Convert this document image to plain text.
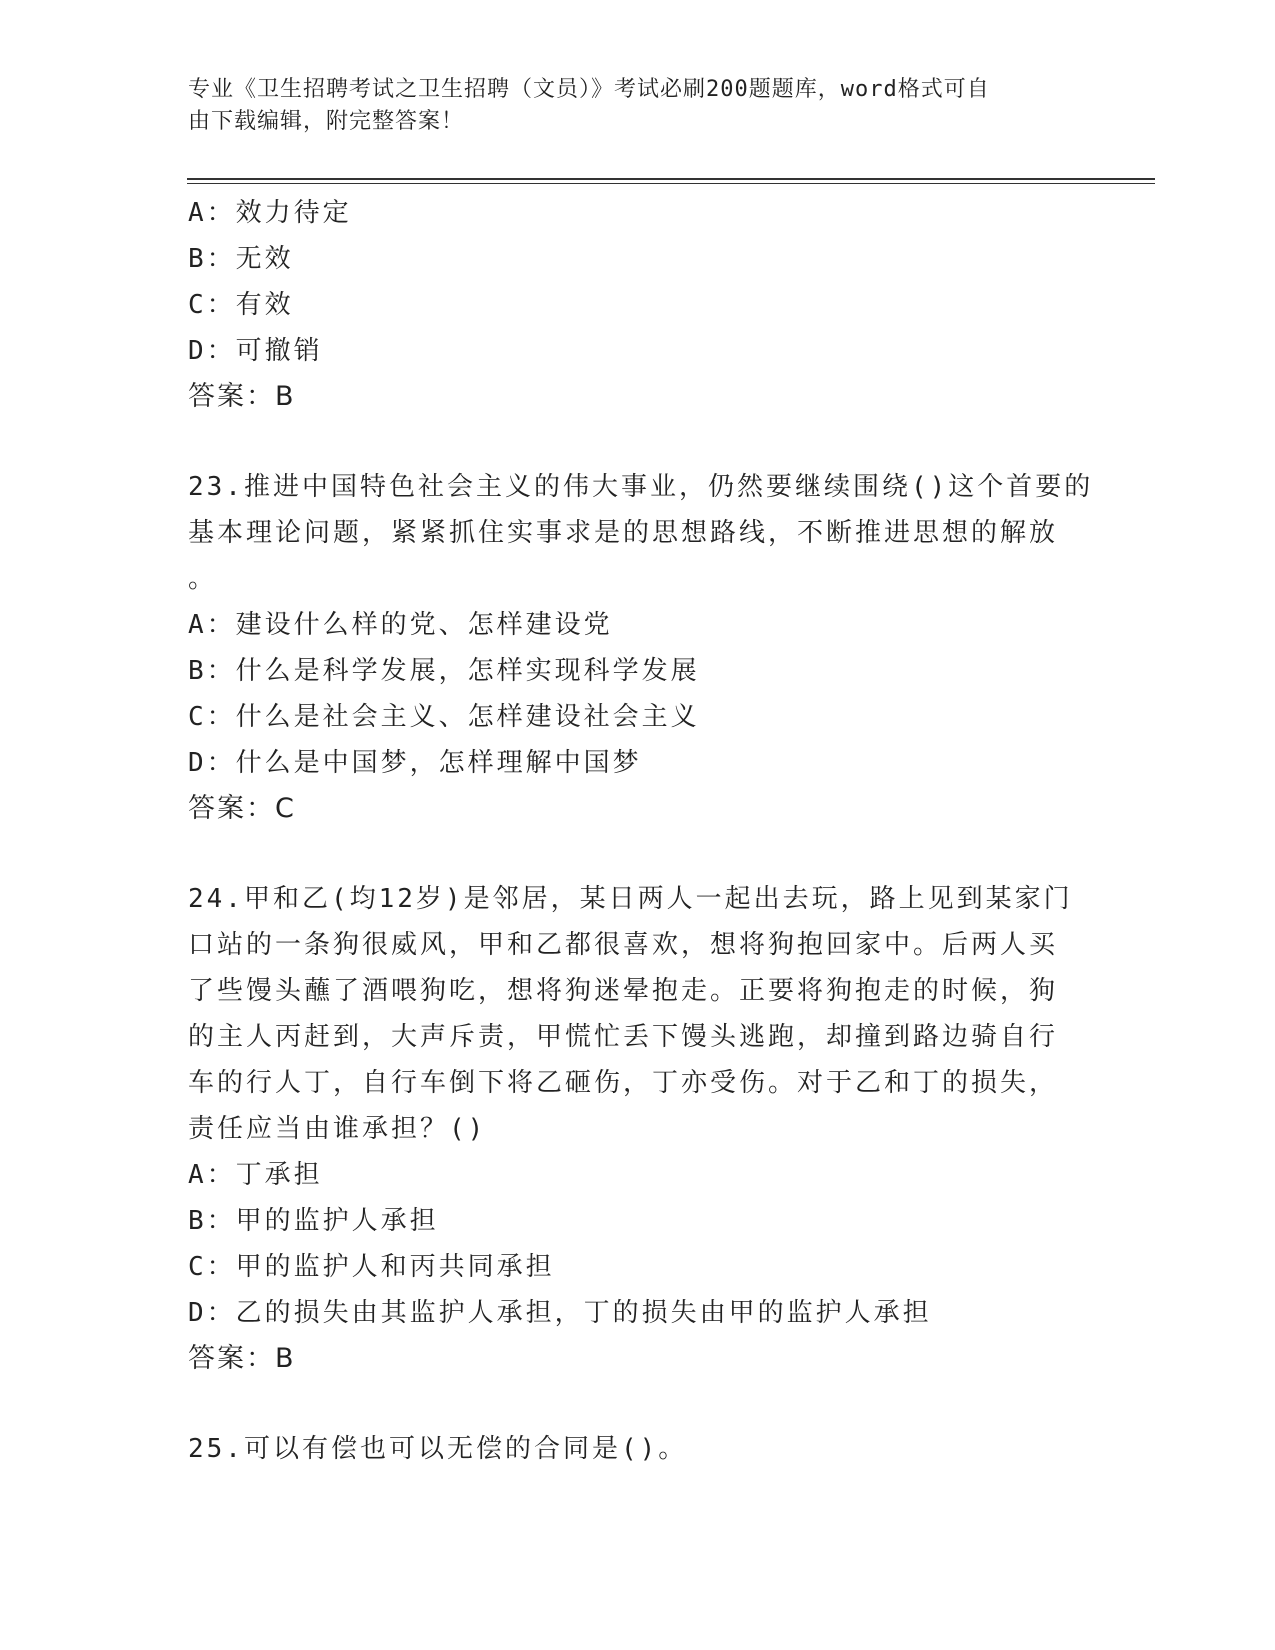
专业《卫生招聘考试之卫生招聘（文员）》考试必刷200题题库，word格式可自
由下载编辑，附完整答案！
A：效力待定
B：无效
C：有效
D：可撤销
答案：B
23.推进中国特色社会主义的伟大事业，仍然要继续围绕()这个首要的
基本理论问题，紧紧抓住实事求是的思想路线，不断推进思想的解放
。
A：建设什么样的党、怎样建设党
B：什么是科学发展，怎样实现科学发展
C：什么是社会主义、怎样建设社会主义
D：什么是中国梦，怎样理解中国梦
答案：C
24.甲和乙(均12岁)是邻居，某日两人一起出去玩，路上见到某家门
口站的一条狗很威风，甲和乙都很喜欢，想将狗抱回家中。后两人买
了些馒头蘸了酒喂狗吃，想将狗迷晕抱走。正要将狗抱走的时候，狗
的主人丙赶到，大声斥责，甲慌忙丢下馒头逃跑，却撞到路边骑自行
车的行人丁，自行车倒下将乙砸伤，丁亦受伤。对于乙和丁的损失，
责任应当由谁承担？()
A：丁承担
B：甲的监护人承担
C：甲的监护人和丙共同承担
D：乙的损失由其监护人承担，丁的损失由甲的监护人承担
答案：B
25.可以有偿也可以无偿的合同是()。
